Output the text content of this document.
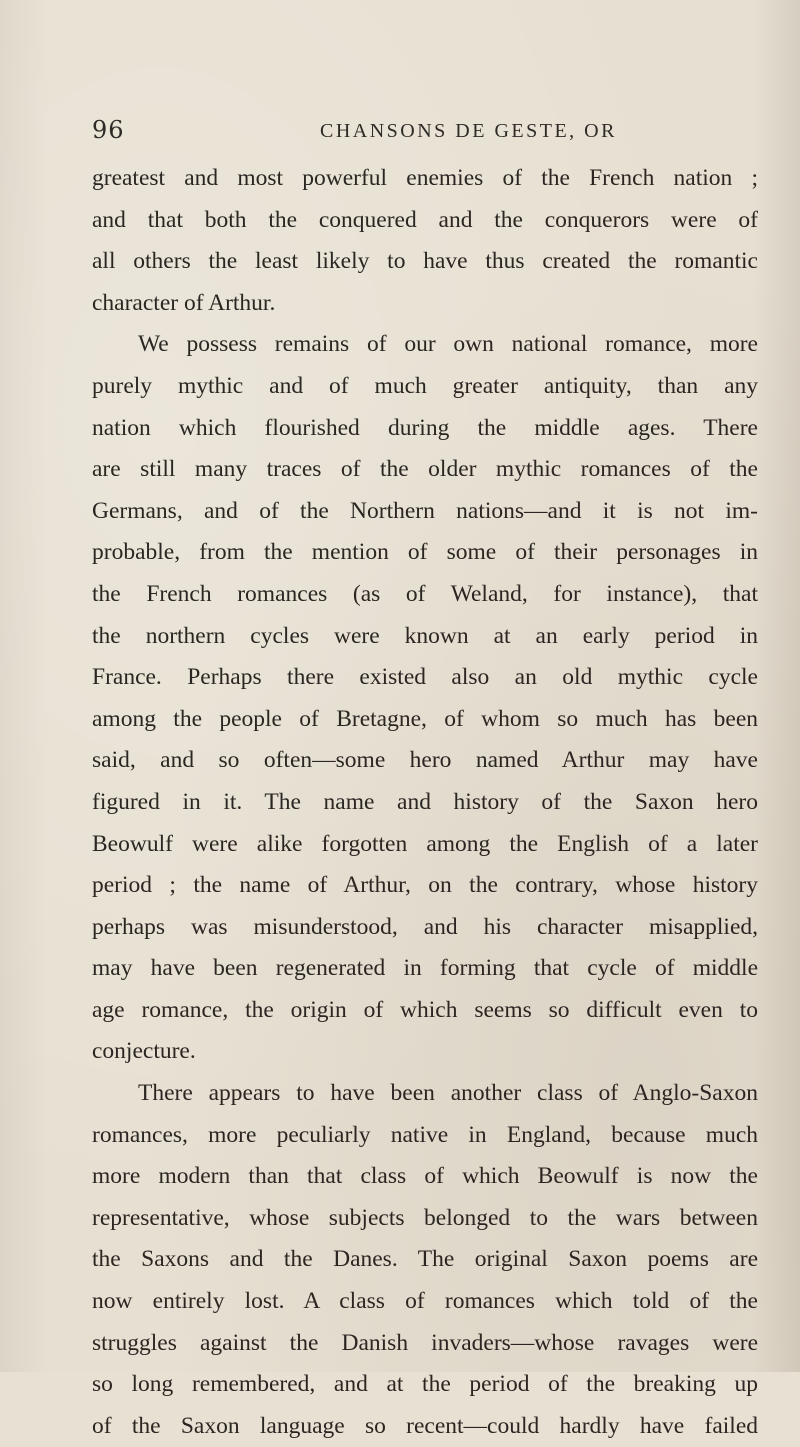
96	CHANSONS DE GESTE, OR
greatest and most powerful enemies of the French nation ;
and that both the conquered and the conquerors were of
all others the least likely to have thus created the romantic
character of Arthur.
We possess remains of our own national romance, more
purely mythic and of much greater antiquity, than any
nation which flourished during the middle ages. There
are still many traces of the older mythic romances of the
Germans, and of the Northern nations—and it is not im-
probable, from the mention of some of their personages in
the French romances (as of Weland, for instance), that
the northern cycles were known at an early period in
France. Perhaps there existed also an old mythic cycle
among the people of Bretagne, of whom so much has been
said, and so often—some hero named Arthur may have
figured in it. The name and history of the Saxon hero
Beowulf were alike forgotten among the English of a later
period ; the name of Arthur, on the contrary, whose history
perhaps was misunderstood, and his character misapplied,
may have been regenerated in forming that cycle of middle
age romance, the origin of which seems so difficult even to
conjecture.
There appears to have been another class of Anglo-Saxon
romances, more peculiarly native in England, because much
more modern than that class of which Beowulf is now the
representative, whose subjects belonged to the wars between
the Saxons and the Danes. The original Saxon poems are
now entirely lost. A class of romances which told of the
struggles against the Danish invaders—whose ravages were
so long remembered, and at the period of the breaking up
of the Saxon language so recent—could hardly have failed
